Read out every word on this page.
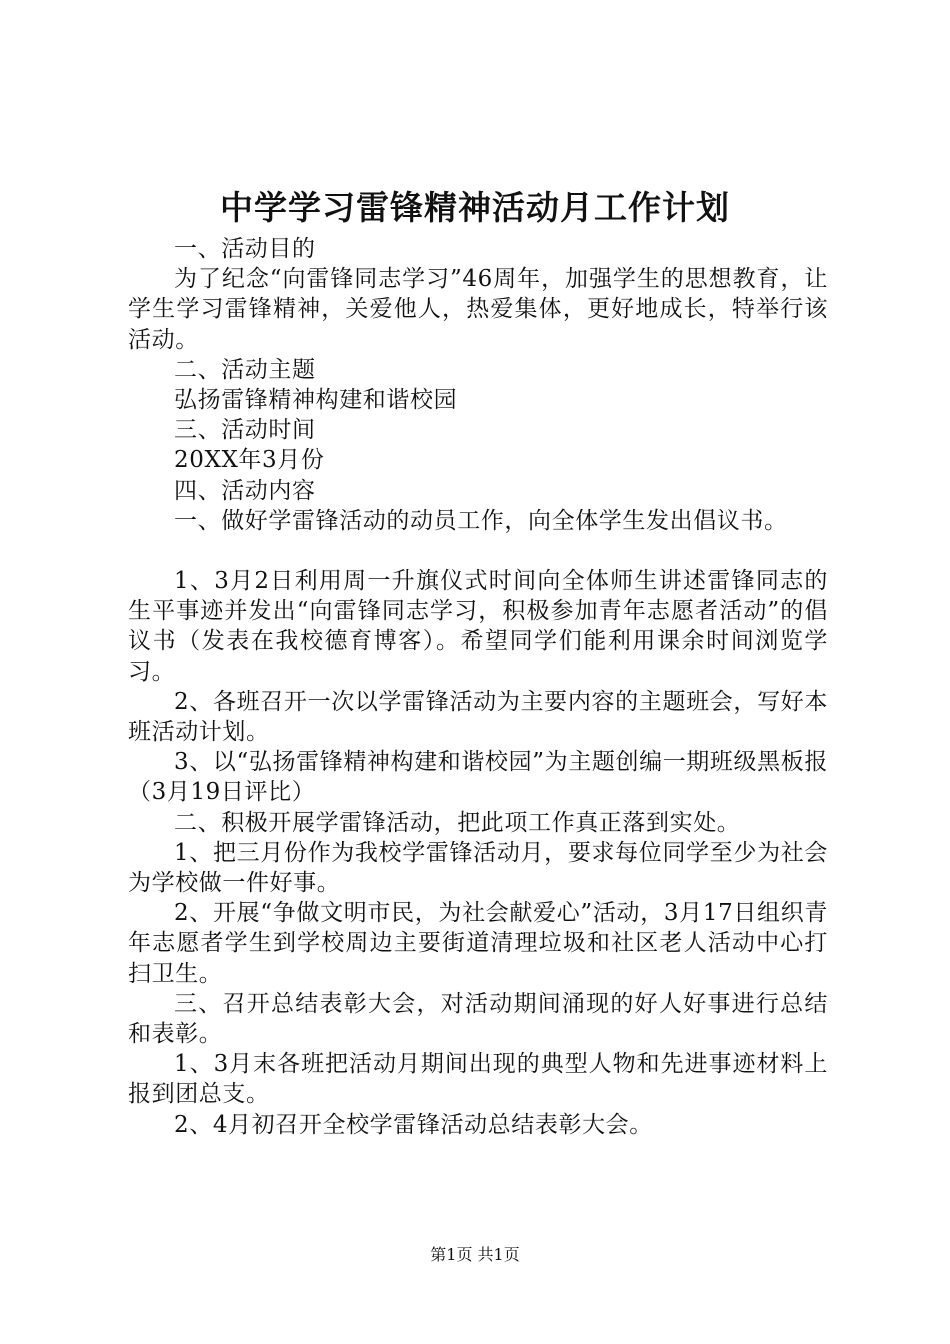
中学学习雷锋精神活动月工作计划

一、活动目的

为了纪念“向雷锋同志学习”46周年，加强学生的思想教育，让学生学习雷锋精神，关爱他人，热爱集体，更好地成长，特举行该活动。

二、活动主题

弘扬雷锋精神构建和谐校园

三、活动时间

20XX年3月份

四、活动内容

一、做好学雷锋活动的动员工作，向全体学生发出倡议书。

1、3月2日利用周一升旗仪式时间向全体师生讲述雷锋同志的生平事迹并发出“向雷锋同志学习，积极参加青年志愿者活动”的倡议书（发表在我校德育博客）。希望同学们能利用课余时间浏览学习。

2、各班召开一次以学雷锋活动为主要内容的主题班会，写好本班活动计划。

3、以“弘扬雷锋精神构建和谐校园”为主题创编一期班级黑板报（3月19日评比）

二、积极开展学雷锋活动，把此项工作真正落到实处。

1、把三月份作为我校学雷锋活动月，要求每位同学至少为社会为学校做一件好事。

2、开展“争做文明市民，为社会献爱心”活动，3月17日组织青年志愿者学生到学校周边主要街道清理垃圾和社区老人活动中心打扫卫生。

三、召开总结表彰大会，对活动期间涌现的好人好事进行总结和表彰。

1、3月末各班把活动月期间出现的典型人物和先进事迹材料上报到团总支。

2、4月初召开全校学雷锋活动总结表彰大会。

第1页 共1页
